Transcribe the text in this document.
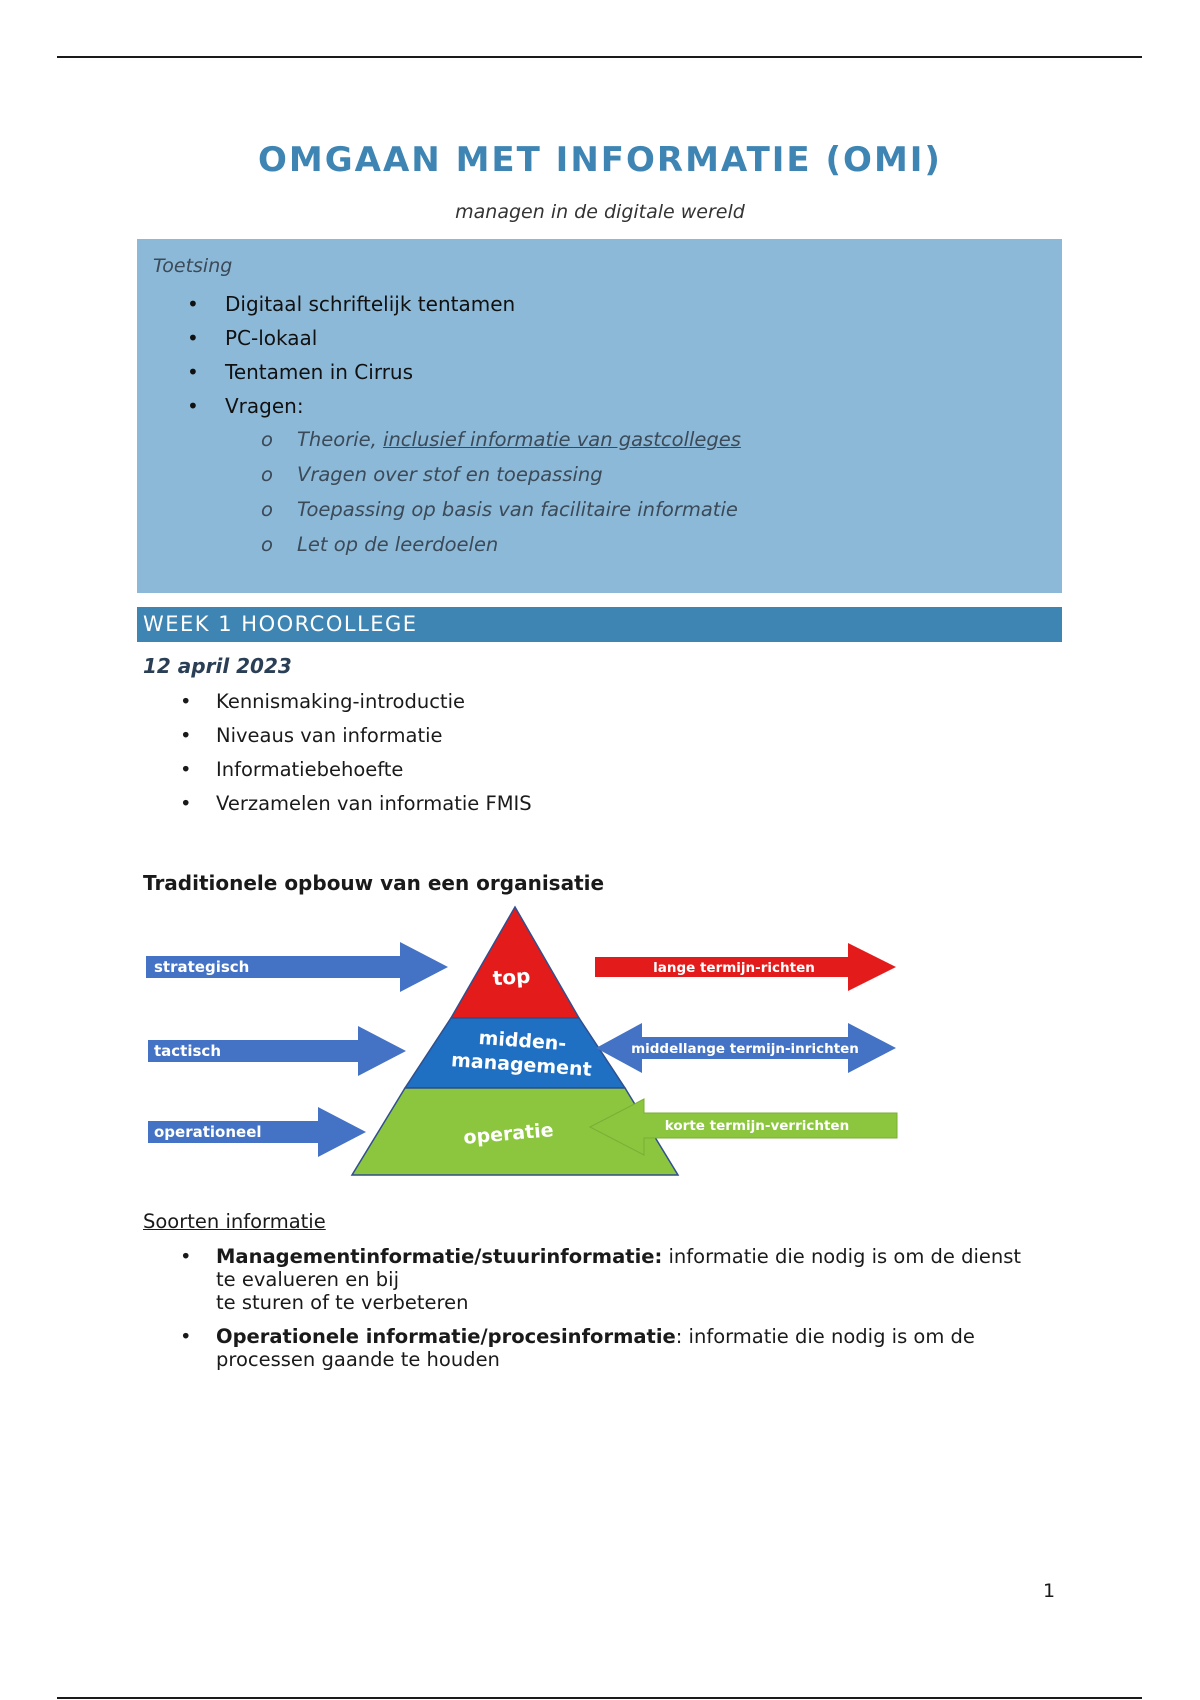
OMGAAN MET INFORMATIE (OMI)
managen in de digitale wereld
Toetsing
• Digitaal schriftelijk tentamen
• PC-lokaal
• Tentamen in Cirrus
• Vragen:
o Theorie, inclusief informatie van gastcolleges
o Vragen over stof en toepassing
o Toepassing op basis van facilitaire informatie
o Let op de leerdoelen
WEEK 1 HOORCOLLEGE
12 april 2023
• Kennismaking-introductie
• Niveaus van informatie
• Informatiebehoefte
• Verzamelen van informatie FMIS
Traditionele opbouw van een organisatie
strategisch
tactisch
operationeel
top
midden-
management
operatie
lange termijn-richten
middellange termijn-inrichten
korte termijn-verrichten
Soorten informatie
• Managementinformatie/stuurinformatie: informatie die nodig is om de dienst
te evalueren en bij
te sturen of te verbeteren
• Operationele informatie/procesinformatie: informatie die nodig is om de processen gaande te houden
1
